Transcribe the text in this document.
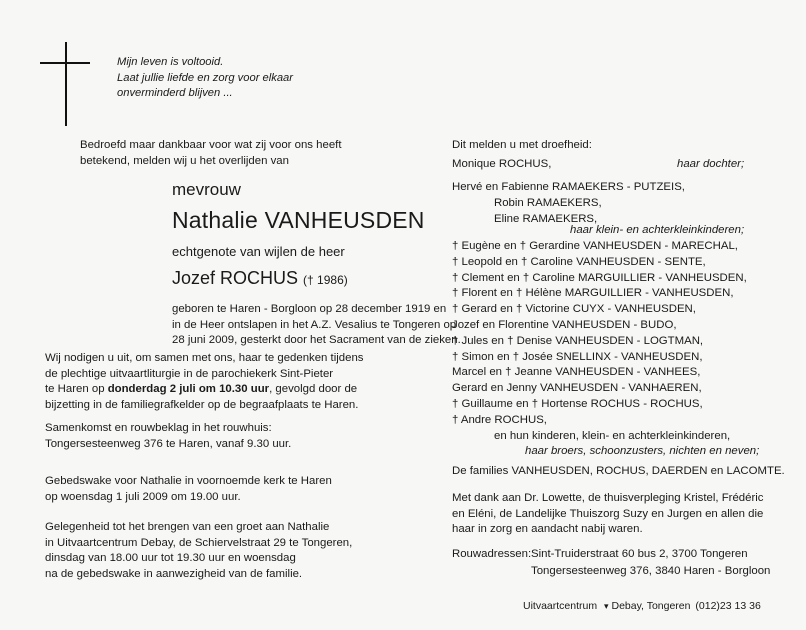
Mijn leven is voltooid.
Laat jullie liefde en zorg voor elkaar
onverminderd blijven ...
Bedroefd maar dankbaar voor wat zij voor ons heeft
betekend, melden wij u het overlijden van
mevrouw
Nathalie VANHEUSDEN
echtgenote van wijlen de heer
Jozef ROCHUS († 1986)
geboren te Haren - Borgloon op 28 december 1919 en
in de Heer ontslapen in het A.Z. Vesalius te Tongeren op
28 juni 2009, gesterkt door het Sacrament van de zieken.
Wij nodigen u uit, om samen met ons, haar te gedenken tijdens
de plechtige uitvaartliturgie in de parochiekerk Sint-Pieter
te Haren op donderdag 2 juli om 10.30 uur, gevolgd door de
bijzetting in de familiegrafkelder op de begraafplaats te Haren.
Samenkomst en rouwbeklag in het rouwhuis:
Tongersesteenweg 376 te Haren, vanaf 9.30 uur.
Gebedswake voor Nathalie in voornoemde kerk te Haren
op woensdag 1 juli 2009 om 19.00 uur.
Gelegenheid tot het brengen van een groet aan Nathalie
in Uitvaartcentrum Debay, de Schiervelstraat 29 te Tongeren,
dinsdag van 18.00 uur tot 19.30 uur en woensdag
na de gebedswake in aanwezigheid van de familie.
Dit melden u met droefheid:
Monique ROCHUS,	haar dochter;
Hervé en Fabienne RAMAEKERS - PUTZEIS,
Robin RAMAEKERS,
Eline RAMAEKERS,
haar klein- en achterkleinkinderen;
† Eugène en † Gerardine VANHEUSDEN - MARECHAL,
† Leopold en † Caroline VANHEUSDEN - SENTE,
† Clement en † Caroline MARGUILLIER - VANHEUSDEN,
† Florent en † Hélène MARGUILLIER - VANHEUSDEN,
† Gerard en † Victorine CUYX - VANHEUSDEN,
Jozef en Florentine VANHEUSDEN - BUDO,
† Jules en † Denise VANHEUSDEN - LOGTMAN,
† Simon en † Josée SNELLINX - VANHEUSDEN,
Marcel en † Jeanne VANHEUSDEN - VANHEES,
Gerard en Jenny VANHEUSDEN - VANHAEREN,
† Guillaume en † Hortense ROCHUS - ROCHUS,
† Andre ROCHUS,
en hun kinderen, klein- en achterkleinkinderen,
haar broers, schoonzusters, nichten en neven;
De families VANHEUSDEN, ROCHUS, DAERDEN en LACOMTE.
Met dank aan Dr. Lowette, de thuisverpleging Kristel, Frédéric
en Eléni, de Landelijke Thuiszorg Suzy en Jurgen en allen die
haar in zorg en aandacht nabij waren.
Rouwadressen: Sint-Truiderstraat 60 bus 2, 3700 Tongeren
Tongersesteenweg 376, 3840 Haren - Borgloon
Uitvaartcentrum ▾ Debay, Tongeren (012)23 13 36
